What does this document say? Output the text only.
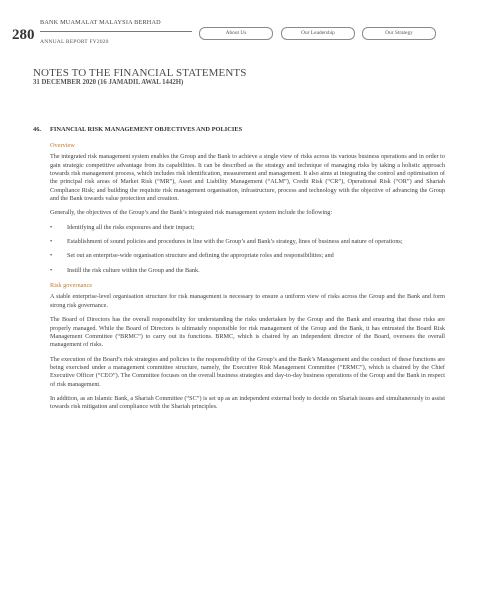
280
BANK MUAMALAT MALAYSIA BERHAD
ANNUAL REPORT FY2020
About Us	Our Leadership	Our Strategy
NOTES TO THE FINANCIAL STATEMENTS
31 DECEMBER 2020 (16 JAMADIL AWAL 1442H)
46. FINANCIAL RISK MANAGEMENT OBJECTIVES AND POLICIES
Overview
The integrated risk management system enables the Group and the Bank to achieve a single view of risks across its various business operations and in order to gain strategic competitive advantage from its capabilities. It can be described as the strategy and technique of managing risks by taking a holistic approach towards risk management process, which includes risk identification, measurement and management. It also aims at integrating the control and optimisation of the principal risk areas of Market Risk (“MR”), Asset and Liability Management (“ALM”), Credit Risk (“CR”), Operational Risk (“OR”) and Shariah Compliance Risk; and building the requisite risk management organisation, infrastructure, process and technology with the objective of advancing the Group and the Bank towards value protection and creation.
Generally, the objectives of the Group’s and the Bank’s integrated risk management system include the following:
• Identifying all the risks exposures and their impact;
• Establishment of sound policies and procedures in line with the Group’s and Bank’s strategy, lines of business and nature of operations;
• Set out an enterprise-wide organisation structure and defining the appropriate roles and responsibilities; and
• Instill the risk culture within the Group and the Bank.
Risk governance
A stable enterprise-level organisation structure for risk management is necessary to ensure a uniform view of risks across the Group and the Bank and form strong risk governance.
The Board of Directors has the overall responsibility for understanding the risks undertaken by the Group and the Bank and ensuring that these risks are properly managed. While the Board of Directors is ultimately responsible for risk management of the Group and the Bank, it has entrusted the Board Risk Management Committee (“BRMC”) to carry out its functions. BRMC, which is chaired by an independent director of the Board, oversees the overall management of risks.
The execution of the Board’s risk strategies and policies is the responsibility of the Group’s and the Bank’s Management and the conduct of these functions are being exercised under a management committee structure, namely, the Executive Risk Management Committee (“ERMC”), which is chaired by the Chief Executive Officer (“CEO”). The Committee focuses on the overall business strategies and day-to-day business operations of the Group and the Bank in respect of risk management.
In addition, as an Islamic Bank, a Shariah Committee (“SC”) is set up as an independent external body to decide on Shariah issues and simultaneously to assist towards risk mitigation and compliance with the Shariah principles.
